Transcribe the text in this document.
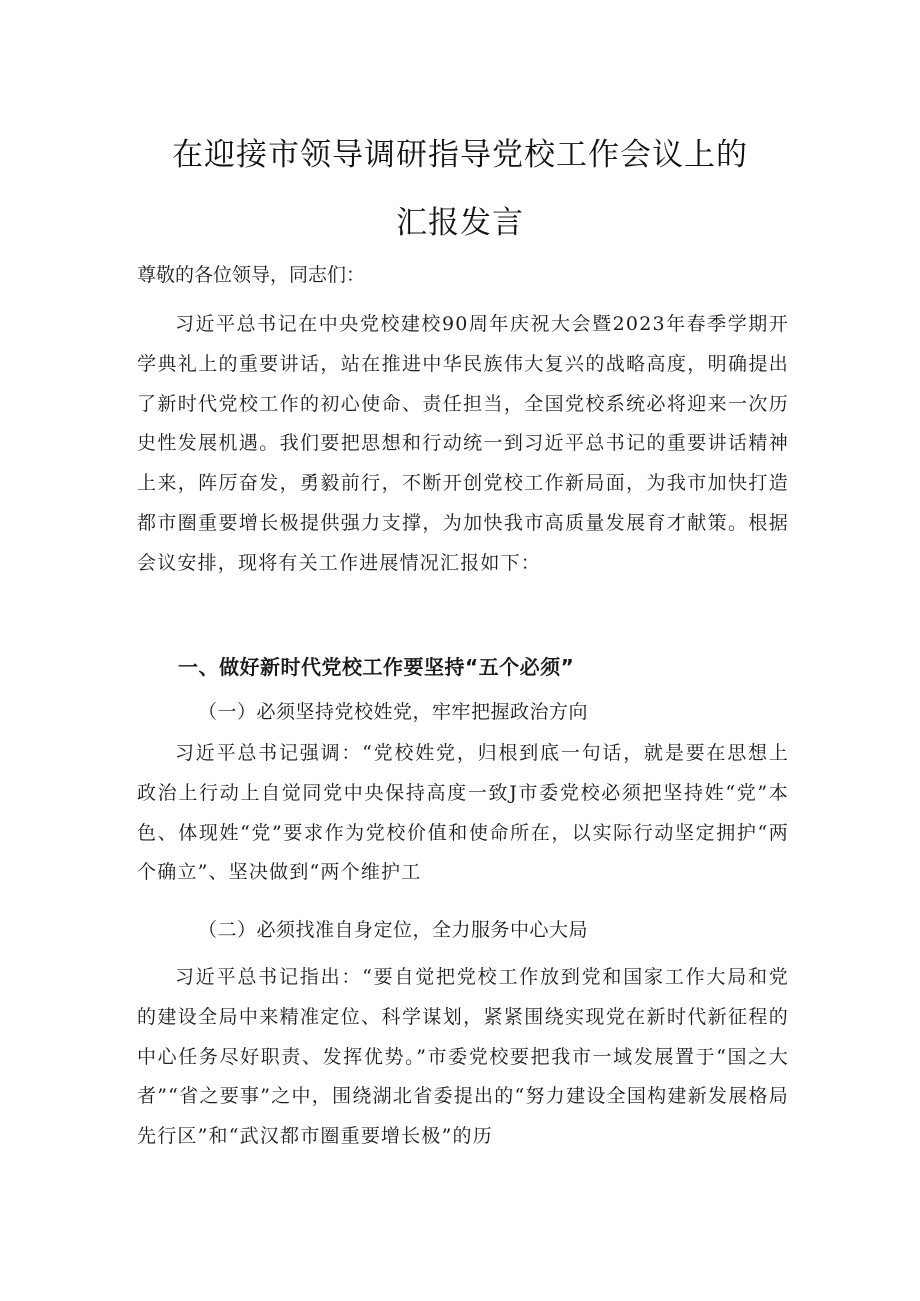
在迎接市领导调研指导党校工作会议上的
汇报发言
尊敬的各位领导，同志们：
习近平总书记在中央党校建校90周年庆祝大会暨2023年春季学期开学典礼上的重要讲话，站在推进中华民族伟大复兴的战略高度，明确提出了新时代党校工作的初心使命、责任担当，全国党校系统必将迎来一次历史性发展机遇。我们要把思想和行动统一到习近平总书记的重要讲话精神上来，阵厉奋发，勇毅前行，不断开创党校工作新局面，为我市加快打造都市圈重要增长极提供强力支撑，为加快我市高质量发展育才献策。根据会议安排，现将有关工作进展情况汇报如下：
一、做好新时代党校工作要坚持“五个必须”
（一）必须坚持党校姓党，牢牢把握政治方向
习近平总书记强调：“党校姓党，归根到底一句话，就是要在思想上政治上行动上自觉同党中央保持高度一致J市委党校必须把坚持姓“党”本色、体现姓“党”要求作为党校价值和使命所在，以实际行动坚定拥护“两个确立”、坚决做到“两个维护工
（二）必须找准自身定位，全力服务中心大局
习近平总书记指出：“要自觉把党校工作放到党和国家工作大局和党的建设全局中来精准定位、科学谋划，紧紧围绕实现党在新时代新征程的中心任务尽好职责、发挥优势。”市委党校要把我市一域发展置于“国之大者”“省之要事”之中，围绕湖北省委提出的“努力建设全国构建新发展格局先行区”和“武汉都市圈重要增长极”的历
